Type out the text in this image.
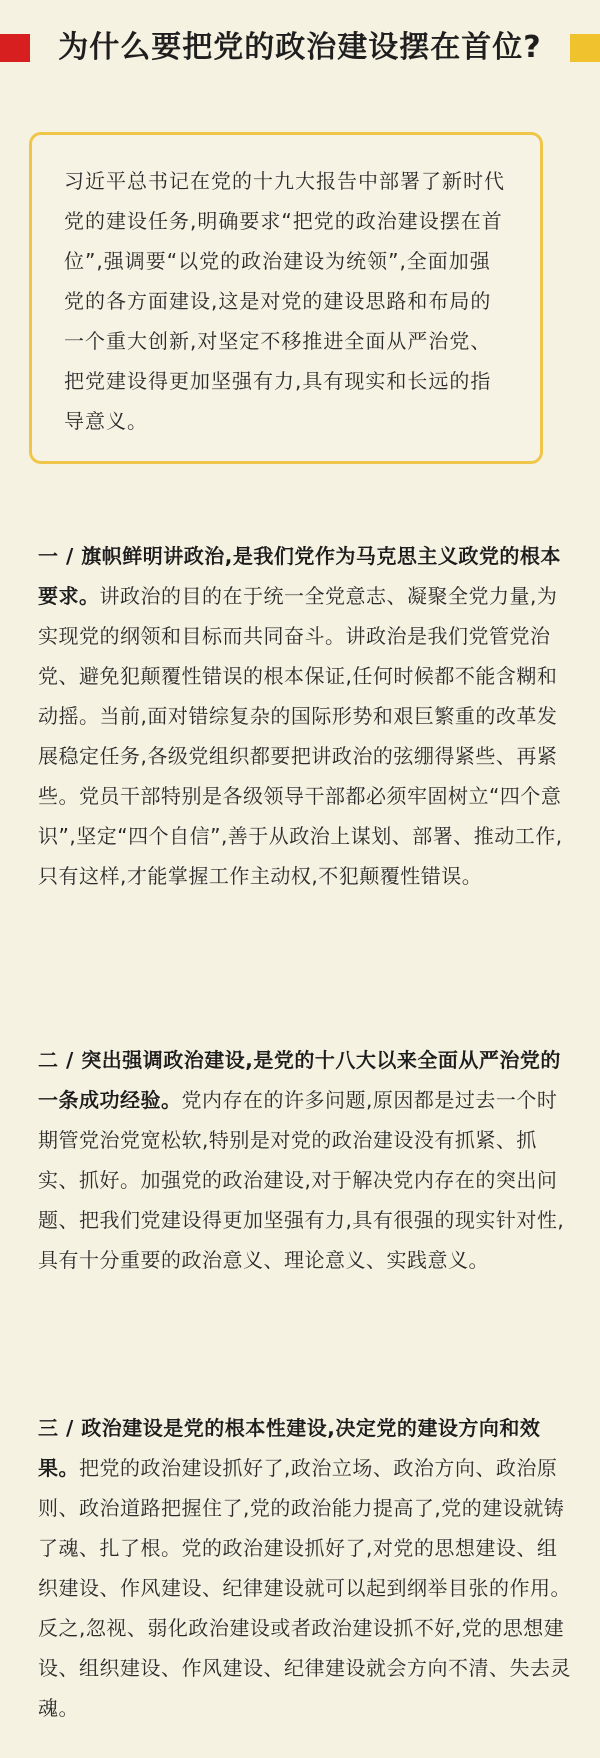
为什么要把党的政治建设摆在首位?
习近平总书记在党的十九大报告中部署了新时代党的建设任务,明确要求“把党的政治建设摆在首位”,强调要“以党的政治建设为统领”,全面加强党的各方面建设,这是对党的建设思路和布局的一个重大创新,对坚定不移推进全面从严治党、把党建设得更加坚强有力,具有现实和长远的指导意义。
一 / 旗帜鲜明讲政治,是我们党作为马克思主义政党的根本要求。讲政治的目的在于统一全党意志、凝聚全党力量,为实现党的纲领和目标而共同奋斗。讲政治是我们党管党治党、避免犯颠覆性错误的根本保证,任何时候都不能含糊和动摇。当前,面对错综复杂的国际形势和艰巨繁重的改革发展稳定任务,各级党组织都要把讲政治的弦绷得紧些、再紧些。党员干部特别是各级领导干部都必须牢固树立“四个意识”,坚定“四个自信”,善于从政治上谋划、部署、推动工作,只有这样,才能掌握工作主动权,不犯颠覆性错误。
二 / 突出强调政治建设,是党的十八大以来全面从严治党的一条成功经验。党内存在的许多问题,原因都是过去一个时期管党治党宽松软,特别是对党的政治建设没有抓紧、抓实、抓好。加强党的政治建设,对于解决党内存在的突出问题、把我们党建设得更加坚强有力,具有很强的现实针对性,具有十分重要的政治意义、理论意义、实践意义。
三 / 政治建设是党的根本性建设,决定党的建设方向和效果。把党的政治建设抓好了,政治立场、政治方向、政治原则、政治道路把握住了,党的政治能力提高了,党的建设就铸了魂、扎了根。党的政治建设抓好了,对党的思想建设、组织建设、作风建设、纪律建设就可以起到纲举目张的作用。反之,忽视、弱化政治建设或者政治建设抓不好,党的思想建设、组织建设、作风建设、纪律建设就会方向不清、失去灵魂。
